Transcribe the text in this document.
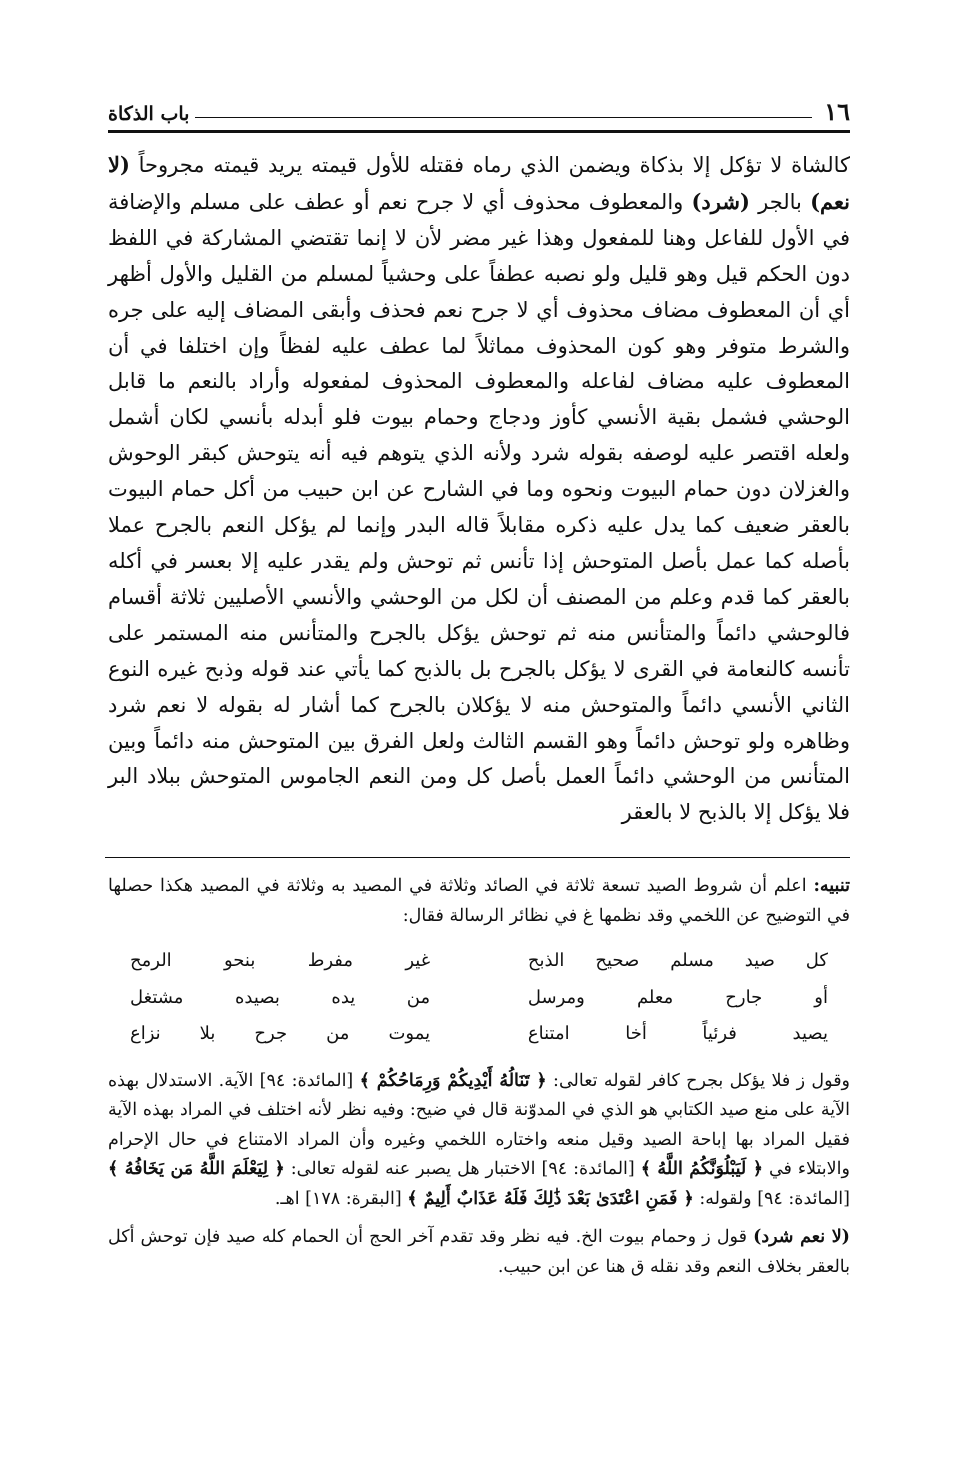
١٦
باب الذكاة
كالشاة لا تؤكل إلا بذكاة ويضمن الذي رماه فقتله للأول قيمته يريد قيمته مجروحاً (لا نعم) بالجر (شرد) والمعطوف محذوف أي لا جرح نعم أو عطف على مسلم والإضافة في الأول للفاعل وهنا للمفعول وهذا غير مضر لأن لا إنما تقتضي المشاركة في اللفظ دون الحكم قيل وهو قليل ولو نصبه عطفاً على وحشياً لمسلم من القليل والأول أظهر أي أن المعطوف مضاف محذوف أي لا جرح نعم فحذف وأبقى المضاف إليه على جره والشرط متوفر وهو كون المحذوف مماثلاً لما عطف عليه لفظاً وإن اختلفا في أن المعطوف عليه مضاف لفاعله والمعطوف المحذوف لمفعوله وأراد بالنعم ما قابل الوحشي فشمل بقية الأنسي كأوز ودجاج وحمام بيوت فلو أبدله بأنسي لكان أشمل ولعله اقتصر عليه لوصفه بقوله شرد ولأنه الذي يتوهم فيه أنه يتوحش كبقر الوحوش والغزلان دون حمام البيوت ونحوه وما في الشارح عن ابن حبيب من أكل حمام البيوت بالعقر ضعيف كما يدل عليه ذكره مقابلاً قاله البدر وإنما لم يؤكل النعم بالجرح عملا بأصله كما عمل بأصل المتوحش إذا تأنس ثم توحش ولم يقدر عليه إلا بعسر في أكله بالعقر كما قدم وعلم من المصنف أن لكل من الوحشي والأنسي الأصليين ثلاثة أقسام فالوحشي دائماً والمتأنس منه ثم توحش يؤكل بالجرح والمتأنس منه المستمر على تأنسه كالنعامة في القرى لا يؤكل بالجرح بل بالذبح كما يأتي عند قوله وذبح غيره النوع الثاني الأنسي دائماً والمتوحش منه لا يؤكلان بالجرح كما أشار له بقوله لا نعم شرد وظاهره ولو توحش دائماً وهو القسم الثالث ولعل الفرق بين المتوحش منه دائماً وبين المتأنس من الوحشي دائماً العمل بأصل كل ومن النعم الجاموس المتوحش ببلاد البر فلا يؤكل إلا بالذبح لا بالعقر
تنبيه: اعلم أن شروط الصيد تسعة ثلاثة في الصائد وثلاثة في المصيد به وثلاثة في المصيد هكذا حصلها في التوضيح عن اللخمي وقد نظمها غ في نظائر الرسالة فقال:
كل صيد مسلم صحيح الذبح
غير مفرط بنحو الرمح
أو جارح معلم ومرسل
من يده بصيده مشتغل
يصيد فرئياً أخا امتناع
يموت من جرح بلا نزاع
وقول ز فلا يؤكل بجرح كافر لقوله تعالى: ﴿ تَنَالُهُ أَيْدِيكُمْ وَرِمَاحُكُمْ ﴾ [المائدة: ٩٤] الآية. الاستدلال بهذه الآية على منع صيد الكتابي هو الذي في المدوّنة قال في ضيح: وفيه نظر لأنه اختلف في المراد بهذه الآية فقيل المراد بها إباحة الصيد وقيل منعه واختاره اللخمي وغيره وأن المراد الامتناع في حال الإحرام والابتلاء في ﴿ لَيَبْلُوَنَّكُمُ اللَّهُ ﴾ [المائدة: ٩٤] الاختبار هل يصبر عنه لقوله تعالى: ﴿ لِيَعْلَمَ اللَّهُ مَن يَخَافُهُ ﴾ [المائدة: ٩٤] ولقوله: ﴿ فَمَنِ اعْتَدَىٰ بَعْدَ ذَٰلِكَ فَلَهُ عَذَابٌ أَلِيمٌ ﴾ [البقرة: ١٧٨] اهـ.
(لا نعم شرد) قول ز وحمام بيوت الخ. فيه نظر وقد تقدم آخر الحج أن الحمام كله صيد فإن توحش أكل بالعقر بخلاف النعم وقد نقله ق هنا عن ابن حبيب.
